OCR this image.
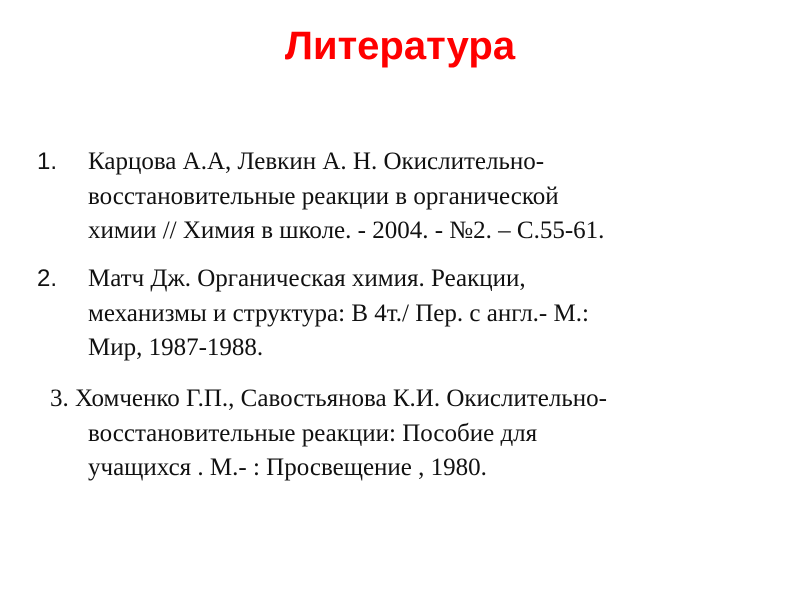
Литература
1. Карцова А.А, Левкин А. Н. Окислительно-
восстановительные реакции в органической
химии // Химия в школе. - 2004. - №2. – С.55-61.
2. Матч Дж. Органическая химия. Реакции,
механизмы и структура: В 4т./ Пер. с англ.- М.:
Мир, 1987-1988.
3. Хомченко Г.П., Савостьянова К.И. Окислительно-
восстановительные реакции: Пособие для
учащихся . М.- : Просвещение , 1980.
